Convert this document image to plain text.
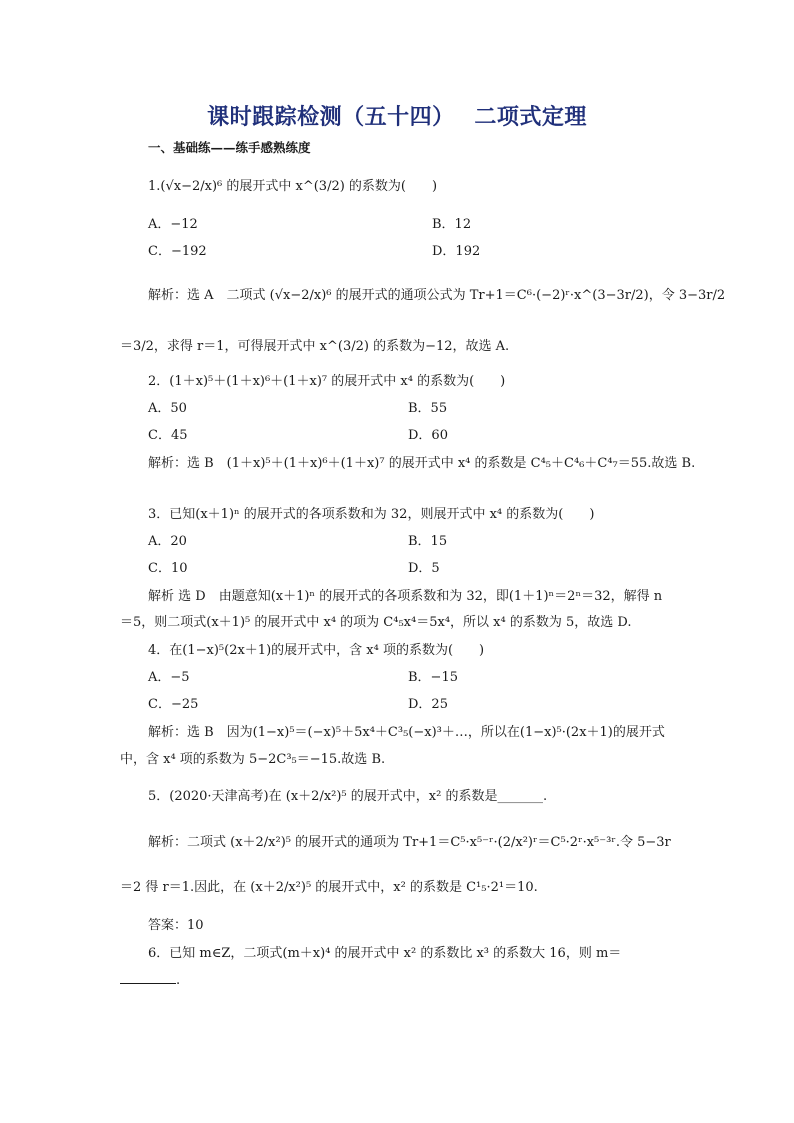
课时跟踪检测（五十四）　 二项式定理
一、基础练——练手感熟练度
1.(√x−2/x)⁶ 的展开式中 x^(3/2) 的系数为(　　)
A．−12	B．12
C．−192	D．192
解析：选 A　二项式 (√x−2/x)⁶ 的展开式的通项公式为 Tr+1＝C⁶·(−2)ʳ·x^(3−3r/2)，令 3−3r/2
＝3/2，求得 r＝1，可得展开式中 x^(3/2) 的系数为−12，故选 A.
2．(1＋x)⁵＋(1＋x)⁶＋(1＋x)⁷ 的展开式中 x⁴ 的系数为(　　)
A．50	B．55
C．45	D．60
解析：选 B　(1＋x)⁵＋(1＋x)⁶＋(1＋x)⁷ 的展开式中 x⁴ 的系数是 C⁴₅＋C⁴₆＋C⁴₇＝55.故选 B.
3．已知(x＋1)ⁿ 的展开式的各项系数和为 32，则展开式中 x⁴ 的系数为(　　)
A．20	B．15
C．10	D．5
解析 选 D　由题意知(x＋1)ⁿ 的展开式的各项系数和为 32，即(1＋1)ⁿ＝2ⁿ＝32，解得 n
＝5，则二项式(x＋1)⁵ 的展开式中 x⁴ 的项为 C⁴₅x⁴＝5x⁴，所以 x⁴ 的系数为 5，故选 D.
4．在(1−x)⁵(2x＋1)的展开式中，含 x⁴ 项的系数为(　　)
A．−5	B．−15
C．−25	D．25
解析：选 B　因为(1−x)⁵＝(−x)⁵＋5x⁴＋C³₅(−x)³＋…，所以在(1−x)⁵·(2x＋1)的展开式
中，含 x⁴ 项的系数为 5−2C³₅＝−15.故选 B.
5．(2020·天津高考)在 (x＋2/x²)⁵ 的展开式中，x² 的系数是_______.
解析：二项式 (x＋2/x²)⁵ 的展开式的通项为 Tr+1＝C⁵·x⁵⁻ʳ·(2/x²)ʳ＝C⁵·2ʳ·x⁵⁻³ʳ.令 5−3r
＝2 得 r＝1.因此，在 (x＋2/x²)⁵ 的展开式中，x² 的系数是 C¹₅·2¹＝10.
答案：10
6．已知 m∈Z，二项式(m＋x)⁴ 的展开式中 x² 的系数比 x³ 的系数大 16，则 m＝
.
